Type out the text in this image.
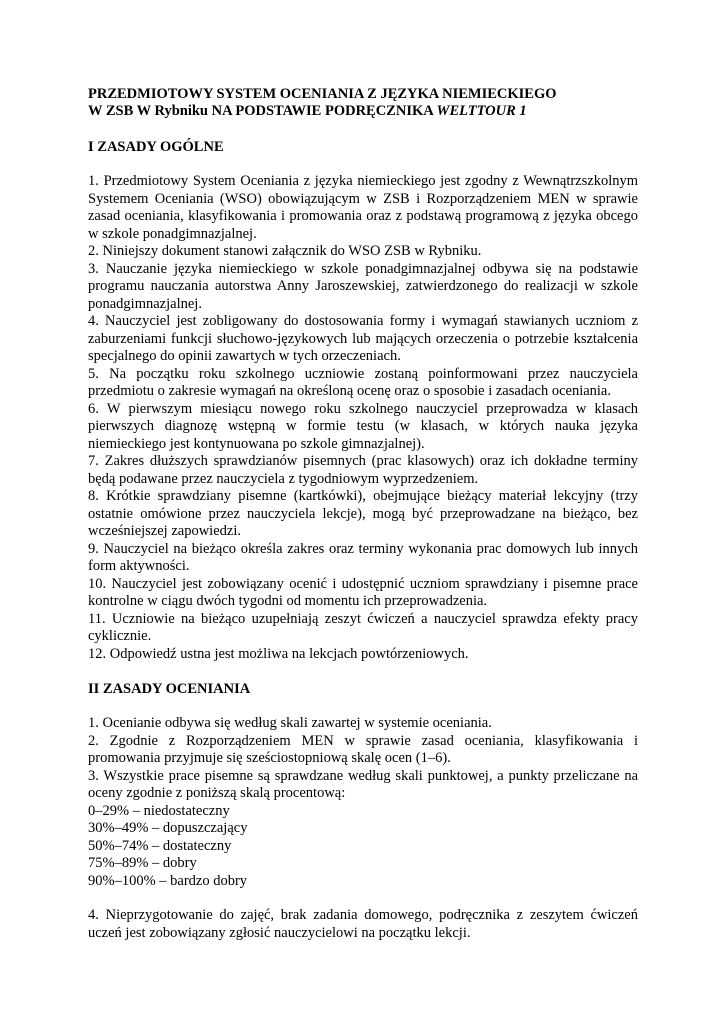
PRZEDMIOTOWY SYSTEM OCENIANIA Z JĘZYKA NIEMIECKIEGO

W ZSB W Rybniku NA PODSTAWIE PODRĘCZNIKA WELTTOUR 1

I ZASADY OGÓLNE

1. Przedmiotowy System Oceniania z języka niemieckiego jest zgodny z Wewnątrzszkolnym Systemem Oceniania (WSO) obowiązującym w ZSB i Rozporządzeniem MEN w sprawie zasad oceniania, klasyfikowania i promowania oraz z podstawą programową z języka obcego w szkole ponadgimnazjalnej.

2. Niniejszy dokument stanowi załącznik do WSO ZSB w Rybniku.

3. Nauczanie języka niemieckiego w szkole ponadgimnazjalnej odbywa się na podstawie programu nauczania autorstwa Anny Jaroszewskiej, zatwierdzonego do realizacji w szkole ponadgimnazjalnej.

4. Nauczyciel jest zobligowany do dostosowania formy i wymagań stawianych uczniom z zaburzeniami funkcji słuchowo-językowych lub mających orzeczenia o potrzebie kształcenia specjalnego do opinii zawartych w tych orzeczeniach.

5. Na początku roku szkolnego uczniowie zostaną poinformowani przez nauczyciela przedmiotu o zakresie wymagań na określoną ocenę oraz o sposobie i zasadach oceniania.

6. W pierwszym miesiącu nowego roku szkolnego nauczyciel przeprowadza w klasach pierwszych diagnozę wstępną w formie testu (w klasach, w których nauka języka niemieckiego jest kontynuowana po szkole gimnazjalnej).

7. Zakres dłuższych sprawdzianów pisemnych (prac klasowych) oraz ich dokładne terminy będą podawane przez nauczyciela z tygodniowym wyprzedzeniem.

8. Krótkie sprawdziany pisemne (kartkówki), obejmujące bieżący materiał lekcyjny (trzy ostatnie omówione przez nauczyciela lekcje), mogą być przeprowadzane na bieżąco, bez wcześniejszej zapowiedzi.

9. Nauczyciel na bieżąco określa zakres oraz terminy wykonania prac domowych lub innych form aktywności.

10. Nauczyciel jest zobowiązany ocenić i udostępnić uczniom sprawdziany i pisemne prace kontrolne w ciągu dwóch tygodni od momentu ich przeprowadzenia.

11. Uczniowie na bieżąco uzupełniają zeszyt ćwiczeń a nauczyciel sprawdza efekty pracy cyklicznie.

12. Odpowiedź ustna jest możliwa na lekcjach powtórzeniowych.

II ZASADY OCENIANIA

1. Ocenianie odbywa się według skali zawartej w systemie oceniania.

2. Zgodnie z Rozporządzeniem MEN w sprawie zasad oceniania, klasyfikowania i promowania przyjmuje się sześciostopniową skalę ocen (1–6).

3. Wszystkie prace pisemne są sprawdzane według skali punktowej, a punkty przeliczane na oceny zgodnie z poniższą skalą procentową:

0–29% – niedostateczny

30%–49% – dopuszczający

50%–74% – dostateczny

75%–89% – dobry

90%–100% – bardzo dobry

4. Nieprzygotowanie do zajęć, brak zadania domowego, podręcznika z zeszytem ćwiczeń uczeń jest zobowiązany zgłosić nauczycielowi na początku lekcji.
